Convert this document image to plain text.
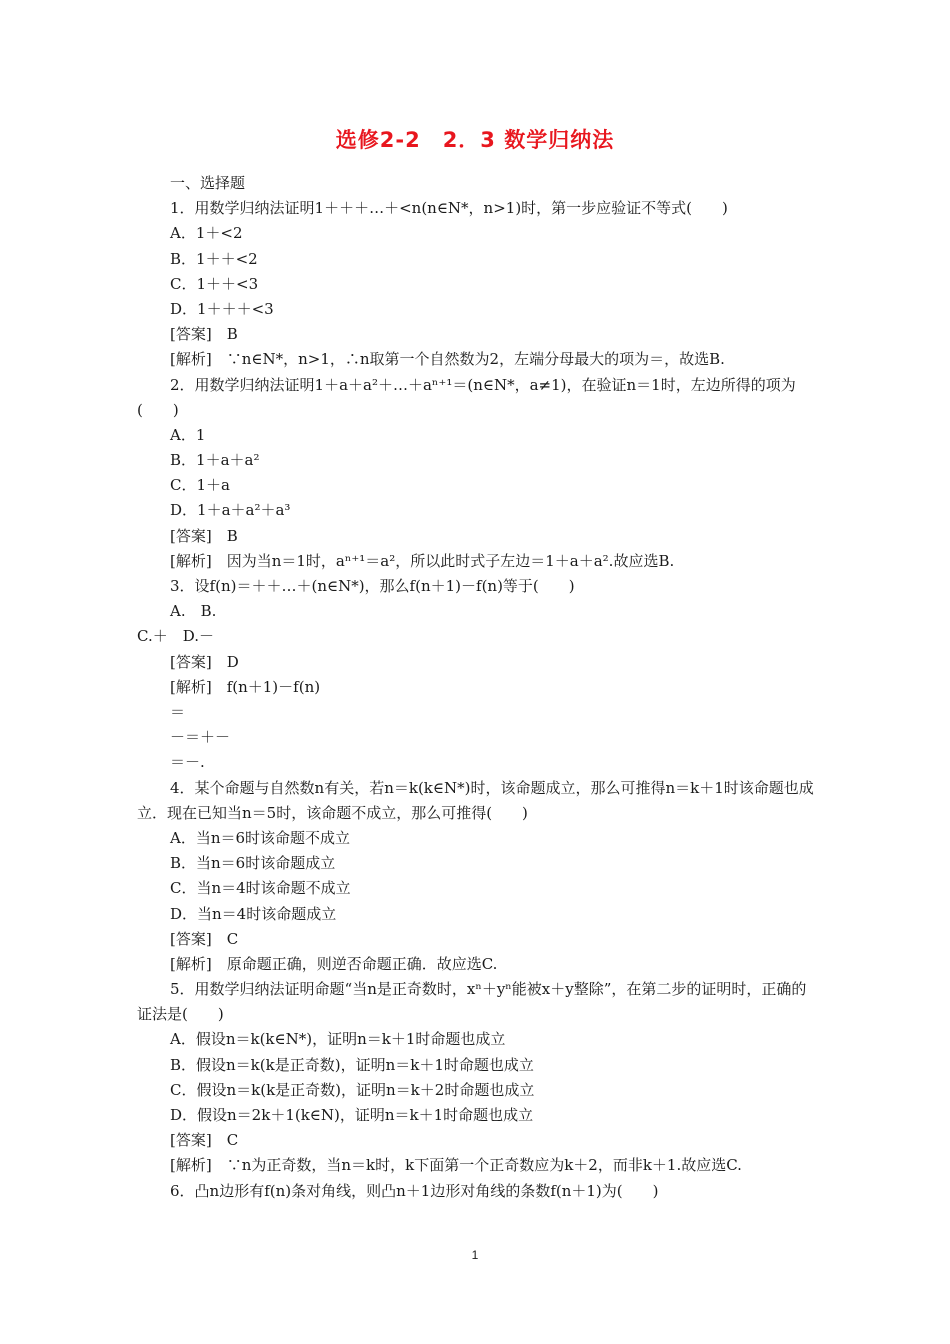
选修2-2　2．3 数学归纳法
一、选择题
1．用数学归纳法证明1＋＋＋…＋<n(n∈N*，n>1)时，第一步应验证不等式(　　)
A．1＋<2
B．1＋＋<2
C．1＋＋<3
D．1＋＋＋<3
[答案]　B
[解析]　∵n∈N*，n>1，∴n取第一个自然数为2，左端分母最大的项为＝，故选B.
2．用数学归纳法证明1＋a＋a²＋…＋aⁿ⁺¹＝(n∈N*，a≠1)，在验证n＝1时，左边所得的项为(　　)
A．1
B．1＋a＋a²
C．1＋a
D．1＋a＋a²＋a³
[答案]　B
[解析]　因为当n＝1时，aⁿ⁺¹＝a²，所以此时式子左边＝1＋a＋a².故应选B.
3．设f(n)＝＋＋…＋(n∈N*)，那么f(n＋1)－f(n)等于(　　)
A.　B.
C.＋　D.－
[答案]　D
[解析]　f(n＋1)－f(n)
＝
－＝＋－
＝－.
4．某个命题与自然数n有关，若n＝k(k∈N*)时，该命题成立，那么可推得n＝k＋1时该命题也成立．现在已知当n＝5时，该命题不成立，那么可推得(　　)
A．当n＝6时该命题不成立
B．当n＝6时该命题成立
C．当n＝4时该命题不成立
D．当n＝4时该命题成立
[答案]　C
[解析]　原命题正确，则逆否命题正确．故应选C.
5．用数学归纳法证明命题“当n是正奇数时，xⁿ＋yⁿ能被x＋y整除”，在第二步的证明时，正确的证法是(　　)
A．假设n＝k(k∈N*)，证明n＝k＋1时命题也成立
B．假设n＝k(k是正奇数)，证明n＝k＋1时命题也成立
C．假设n＝k(k是正奇数)，证明n＝k＋2时命题也成立
D．假设n＝2k＋1(k∈N)，证明n＝k＋1时命题也成立
[答案]　C
[解析]　∵n为正奇数，当n＝k时，k下面第一个正奇数应为k＋2，而非k＋1.故应选C.
6．凸n边形有f(n)条对角线，则凸n＋1边形对角线的条数f(n＋1)为(　　)
1
